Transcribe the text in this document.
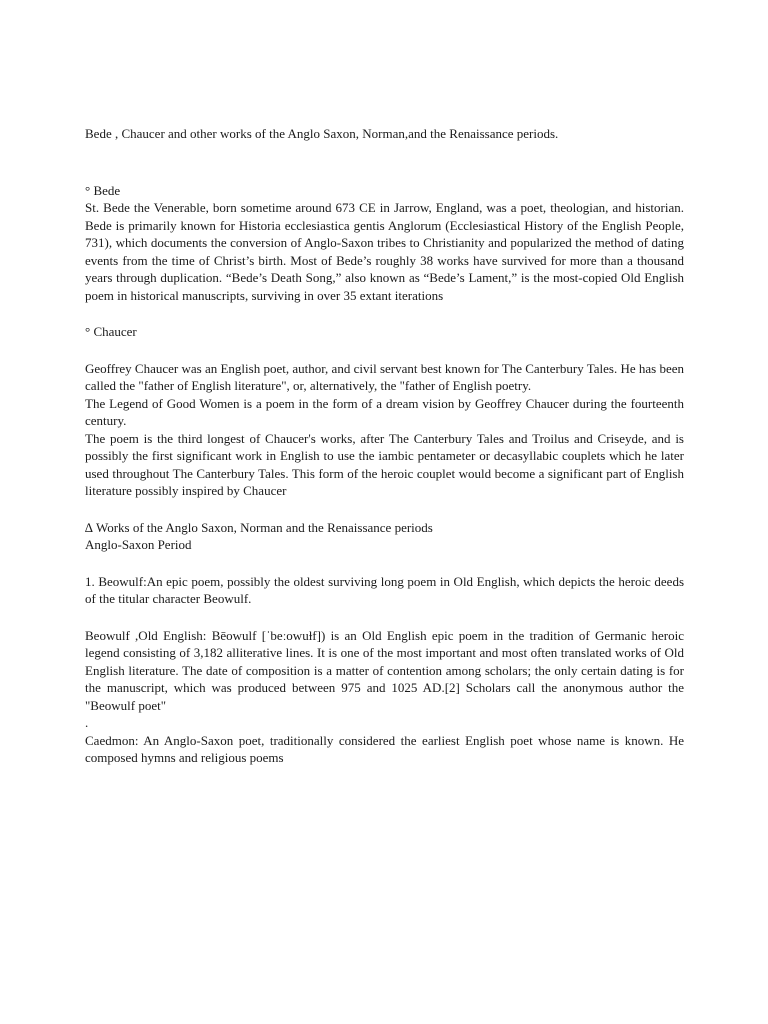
Bede , Chaucer and other works of the Anglo Saxon, Norman,and the Renaissance periods.

° Bede

St. Bede the Venerable, born sometime around 673 CE in Jarrow, England, was a poet, theologian, and historian. Bede is primarily known for Historia ecclesiastica gentis Anglorum (Ecclesiastical History of the English People, 731), which documents the conversion of Anglo-Saxon tribes to Christianity and popularized the method of dating events from the time of Christ’s birth. Most of Bede’s roughly 38 works have survived for more than a thousand years through duplication. “Bede’s Death Song,” also known as “Bede’s Lament,” is the most-copied Old English poem in historical manuscripts, surviving in over 35 extant iterations

° Chaucer

Geoffrey Chaucer was an English poet, author, and civil servant best known for The Canterbury Tales. He has been called the "father of English literature", or, alternatively, the "father of English poetry.

The Legend of Good Women is a poem in the form of a dream vision by Geoffrey Chaucer during the fourteenth century.

The poem is the third longest of Chaucer's works, after The Canterbury Tales and Troilus and Criseyde, and is possibly the first significant work in English to use the iambic pentameter or decasyllabic couplets which he later used throughout The Canterbury Tales. This form of the heroic couplet would become a significant part of English literature possibly inspired by Chaucer

∆ Works of the Anglo Saxon, Norman and the Renaissance periods

Anglo-Saxon Period

1. Beowulf:An epic poem, possibly the oldest surviving long poem in Old English, which depicts the heroic deeds of the titular character Beowulf.

Beowulf ,Old English: Bēowulf [ˈbeːowuɫf]) is an Old English epic poem in the tradition of Germanic heroic legend consisting of 3,182 alliterative lines. It is one of the most important and most often translated works of Old English literature. The date of composition is a matter of contention among scholars; the only certain dating is for the manuscript, which was produced between 975 and 1025 AD.[2] Scholars call the anonymous author the "Beowulf poet"

.

Caedmon: An Anglo-Saxon poet, traditionally considered the earliest English poet whose name is known. He composed hymns and religious poems
